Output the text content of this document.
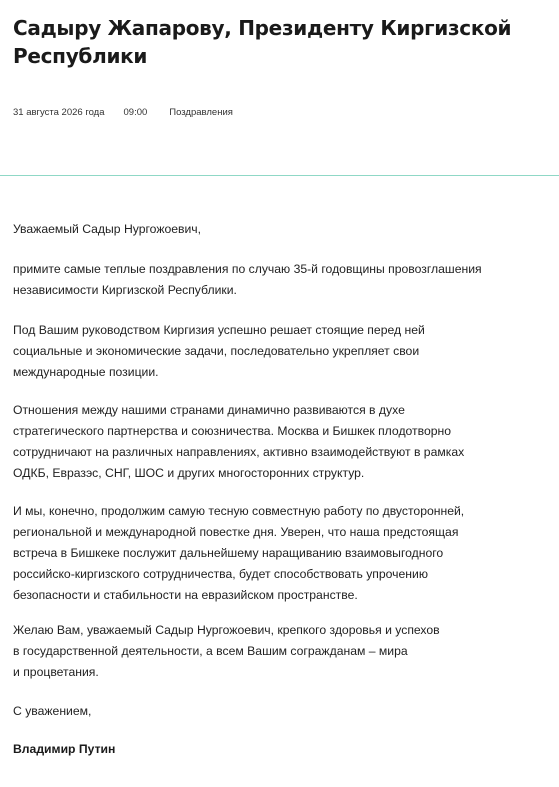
Садыру Жапарову, Президенту Киргизской Республики
31 августа 2026 года 09:00 Поздравления

Уважаемый Садыр Нургожоевич,

примите самые теплые поздравления по случаю 35-й годовщины провозглашения
независимости Киргизской Республики.

Под Вашим руководством Киргизия успешно решает стоящие перед ней
социальные и экономические задачи, последовательно укрепляет свои
международные позиции.

Отношения между нашими странами динамично развиваются в духе
стратегического партнерства и союзничества. Москва и Бишкек плодотворно
сотрудничают на различных направлениях, активно взаимодействуют в рамках
ОДКБ, Евразэс, СНГ, ШОС и других многосторонних структур.

И мы, конечно, продолжим самую тесную совместную работу по двусторонней,
региональной и международной повестке дня. Уверен, что наша предстоящая
встреча в Бишкеке послужит дальнейшему наращиванию взаимовыгодного
российско-киргизского сотрудничества, будет способствовать упрочению
безопасности и стабильности на евразийском пространстве.

Желаю Вам, уважаемый Садыр Нургожоевич, крепкого здоровья и успехов
в государственной деятельности, а всем Вашим согражданам – мира
и процветания.

С уважением,

Владимир Путин
